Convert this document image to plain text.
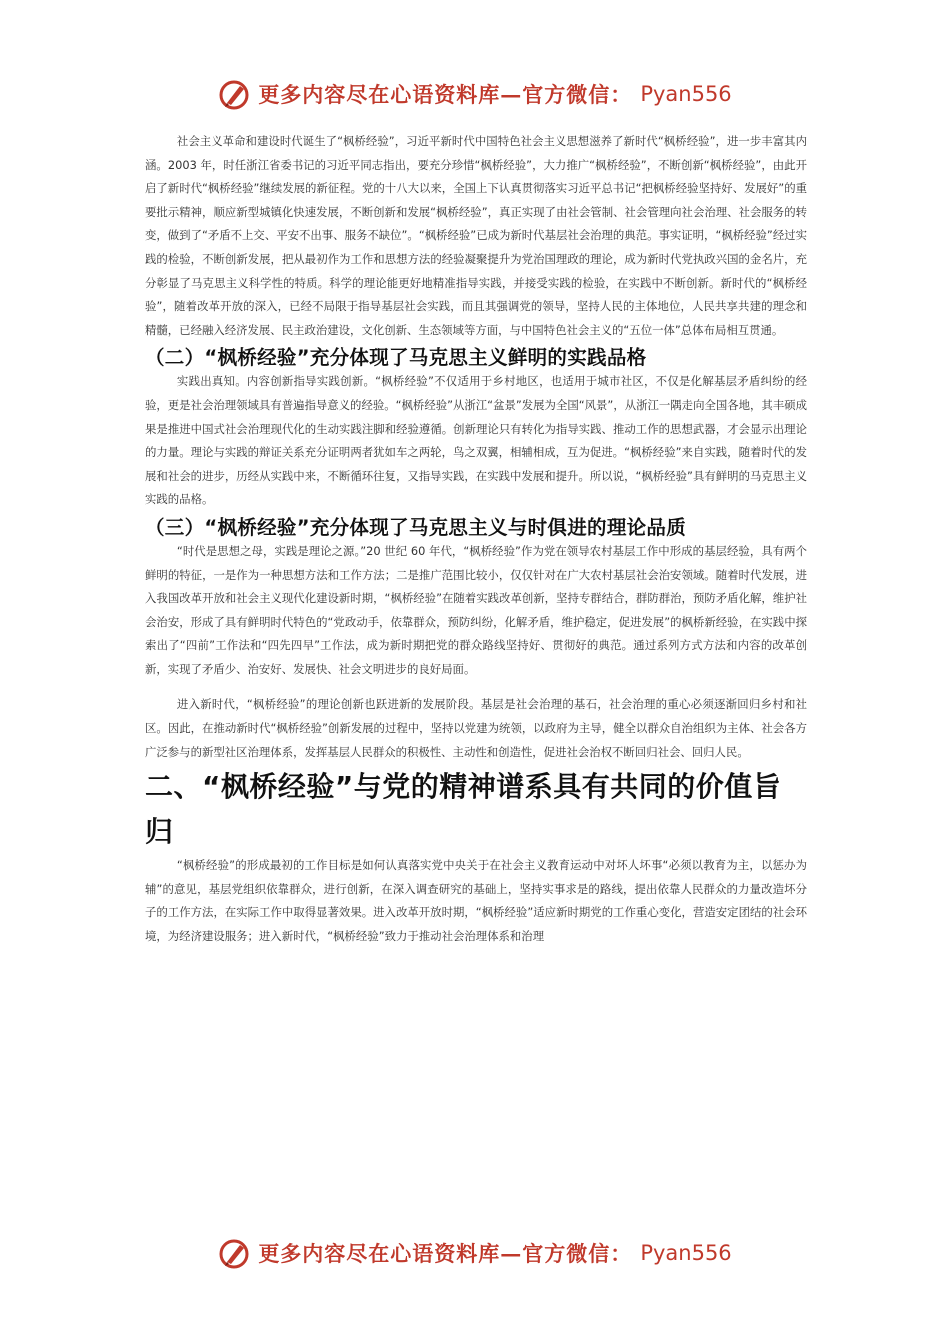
更多内容尽在心语资料库—官方微信： Pyan556

社会主义革命和建设时代诞生了“枫桥经验”，习近平新时代中国特色社会主义思想滋养了新时代“枫桥经验”，进一步丰富其内涵。2003 年，时任浙江省委书记的习近平同志指出，要充分珍惜“枫桥经验”，大力推广“枫桥经验”，不断创新“枫桥经验”，由此开启了新时代“枫桥经验”继续发展的新征程。党的十八大以来，全国上下认真贯彻落实习近平总书记“把枫桥经验坚持好、发展好”的重要批示精神，顺应新型城镇化快速发展，不断创新和发展“枫桥经验”，真正实现了由社会管制、社会管理向社会治理、社会服务的转变，做到了“矛盾不上交、平安不出事、服务不缺位”。“枫桥经验”已成为新时代基层社会治理的典范。事实证明，“枫桥经验”经过实践的检验，不断创新发展，把从最初作为工作和思想方法的经验凝聚提升为党治国理政的理论，成为新时代党执政兴国的金名片，充分彰显了马克思主义科学性的特质。科学的理论能更好地精准指导实践，并接受实践的检验，在实践中不断创新。新时代的“枫桥经验”，随着改革开放的深入，已经不局限于指导基层社会实践，而且其强调党的领导，坚持人民的主体地位，人民共享共建的理念和精髓，已经融入经济发展、民主政治建设，文化创新、生态领域等方面，与中国特色社会主义的“五位一体”总体布局相互贯通。

（二）“枫桥经验”充分体现了马克思主义鲜明的实践品格

实践出真知。内容创新指导实践创新。“枫桥经验”不仅适用于乡村地区，也适用于城市社区，不仅是化解基层矛盾纠纷的经验，更是社会治理领域具有普遍指导意义的经验。“枫桥经验”从浙江“盆景”发展为全国“风景”，从浙江一隅走向全国各地，其丰硕成果是推进中国式社会治理现代化的生动实践注脚和经验遵循。创新理论只有转化为指导实践、推动工作的思想武器，才会显示出理论的力量。理论与实践的辩证关系充分证明两者犹如车之两轮，鸟之双翼，相辅相成，互为促进。“枫桥经验”来自实践，随着时代的发展和社会的进步，历经从实践中来，不断循环往复，又指导实践，在实践中发展和提升。所以说，“枫桥经验”具有鲜明的马克思主义实践的品格。

（三）“枫桥经验”充分体现了马克思主义与时俱进的理论品质

“时代是思想之母，实践是理论之源。”20 世纪 60 年代，“枫桥经验”作为党在领导农村基层工作中形成的基层经验，具有两个鲜明的特征，一是作为一种思想方法和工作方法；二是推广范围比较小，仅仅针对在广大农村基层社会治安领域。随着时代发展，进入我国改革开放和社会主义现代化建设新时期，“枫桥经验”在随着实践改革创新，坚持专群结合，群防群治，预防矛盾化解，维护社会治安，形成了具有鲜明时代特色的“党政动手，依靠群众，预防纠纷，化解矛盾，维护稳定，促进发展”的枫桥新经验，在实践中探索出了“四前”工作法和“四先四早”工作法，成为新时期把党的群众路线坚持好、贯彻好的典范。通过系列方式方法和内容的改革创新，实现了矛盾少、治安好、发展快、社会文明进步的良好局面。

进入新时代，“枫桥经验”的理论创新也跃进新的发展阶段。基层是社会治理的基石，社会治理的重心必须逐渐回归乡村和社区。因此，在推动新时代“枫桥经验”创新发展的过程中，坚持以党建为统领，以政府为主导，健全以群众自治组织为主体、社会各方广泛参与的新型社区治理体系，发挥基层人民群众的积极性、主动性和创造性，促进社会治权不断回归社会、回归人民。

二、“枫桥经验”与党的精神谱系具有共同的价值旨归

“枫桥经验”的形成最初的工作目标是如何认真落实党中央关于在社会主义教育运动中对坏人坏事“必须以教育为主，以惩办为辅”的意见，基层党组织依靠群众，进行创新，在深入调查研究的基础上，坚持实事求是的路线，提出依靠人民群众的力量改造坏分子的工作方法，在实际工作中取得显著效果。进入改革开放时期，“枫桥经验”适应新时期党的工作重心变化，营造安定团结的社会环境，为经济建设服务；进入新时代，“枫桥经验”致力于推动社会治理体系和治理

更多内容尽在心语资料库—官方微信： Pyan556
